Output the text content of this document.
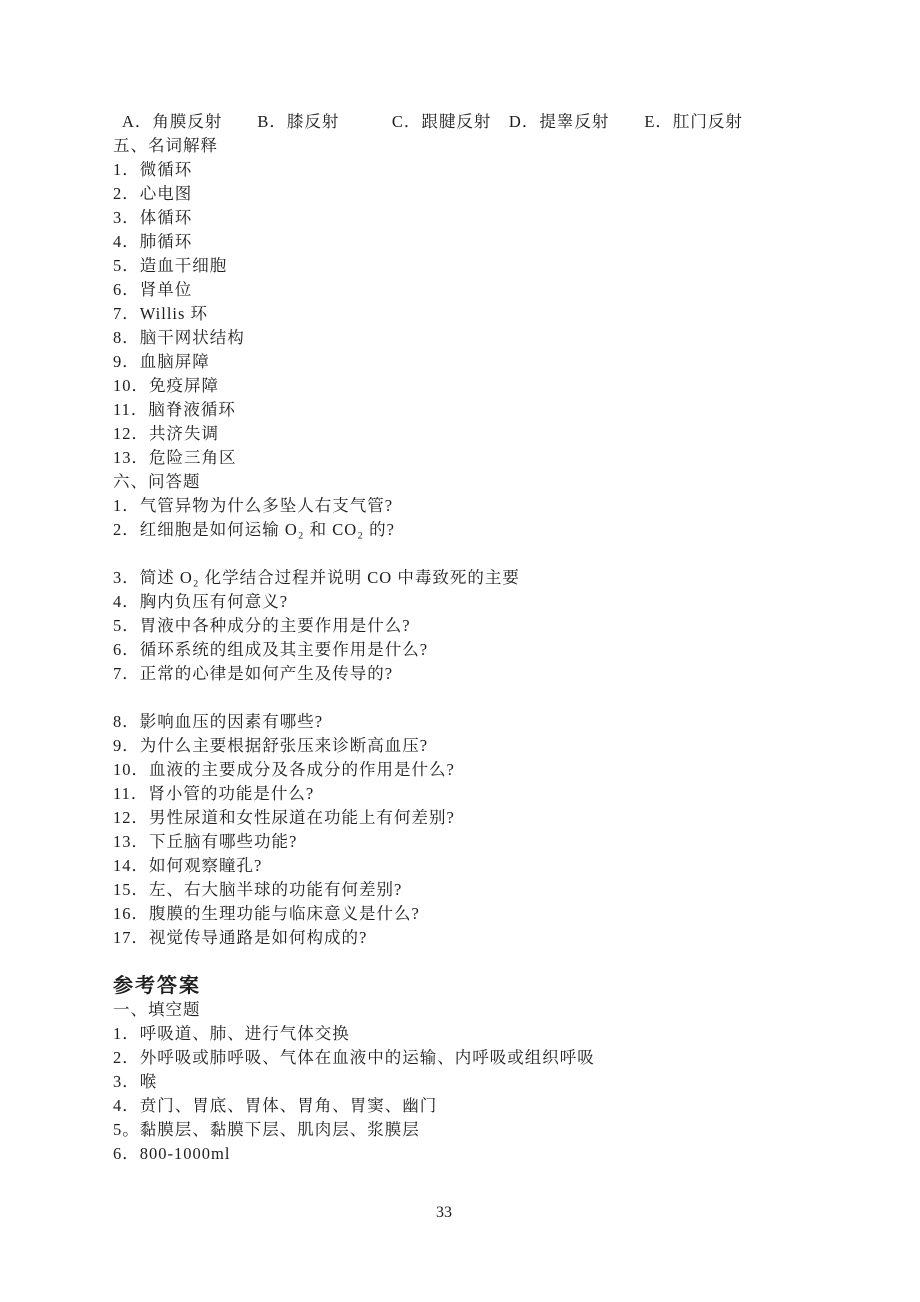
A．角膜反射　　B．膝反射　　　C．跟腱反射　D．提睾反射　　E．肛门反射
五、名词解释
1．微循环
2．心电图
3．体循环
4．肺循环
5．造血干细胞
6．肾单位
7．Willis 环
8．脑干网状结构
9．血脑屏障
10．免疫屏障
11．脑脊液循环
12．共济失调
13．危险三角区
六、问答题
1．气管异物为什么多坠人右支气管?
2．红细胞是如何运输 O₂ 和 CO₂ 的?
3．简述 O₂ 化学结合过程并说明 CO 中毒致死的主要
4．胸内负压有何意义?
5．胃液中各种成分的主要作用是什么?
6．循环系统的组成及其主要作用是什么?
7．正常的心律是如何产生及传导的?
8．影响血压的因素有哪些?
9．为什么主要根据舒张压来诊断高血压?
10．血液的主要成分及各成分的作用是什么?
11．肾小管的功能是什么?
12．男性尿道和女性尿道在功能上有何差别?
13．下丘脑有哪些功能?
14．如何观察瞳孔?
15．左、右大脑半球的功能有何差别?
16．腹膜的生理功能与临床意义是什么?
17．视觉传导通路是如何构成的?
参考答案
一、填空题
1．呼吸道、肺、进行气体交换
2．外呼吸或肺呼吸、气体在血液中的运输、内呼吸或组织呼吸
3．喉
4．贲门、胃底、胃体、胃角、胃窦、幽门
5。黏膜层、黏膜下层、肌肉层、浆膜层
6．800-1000ml
33
